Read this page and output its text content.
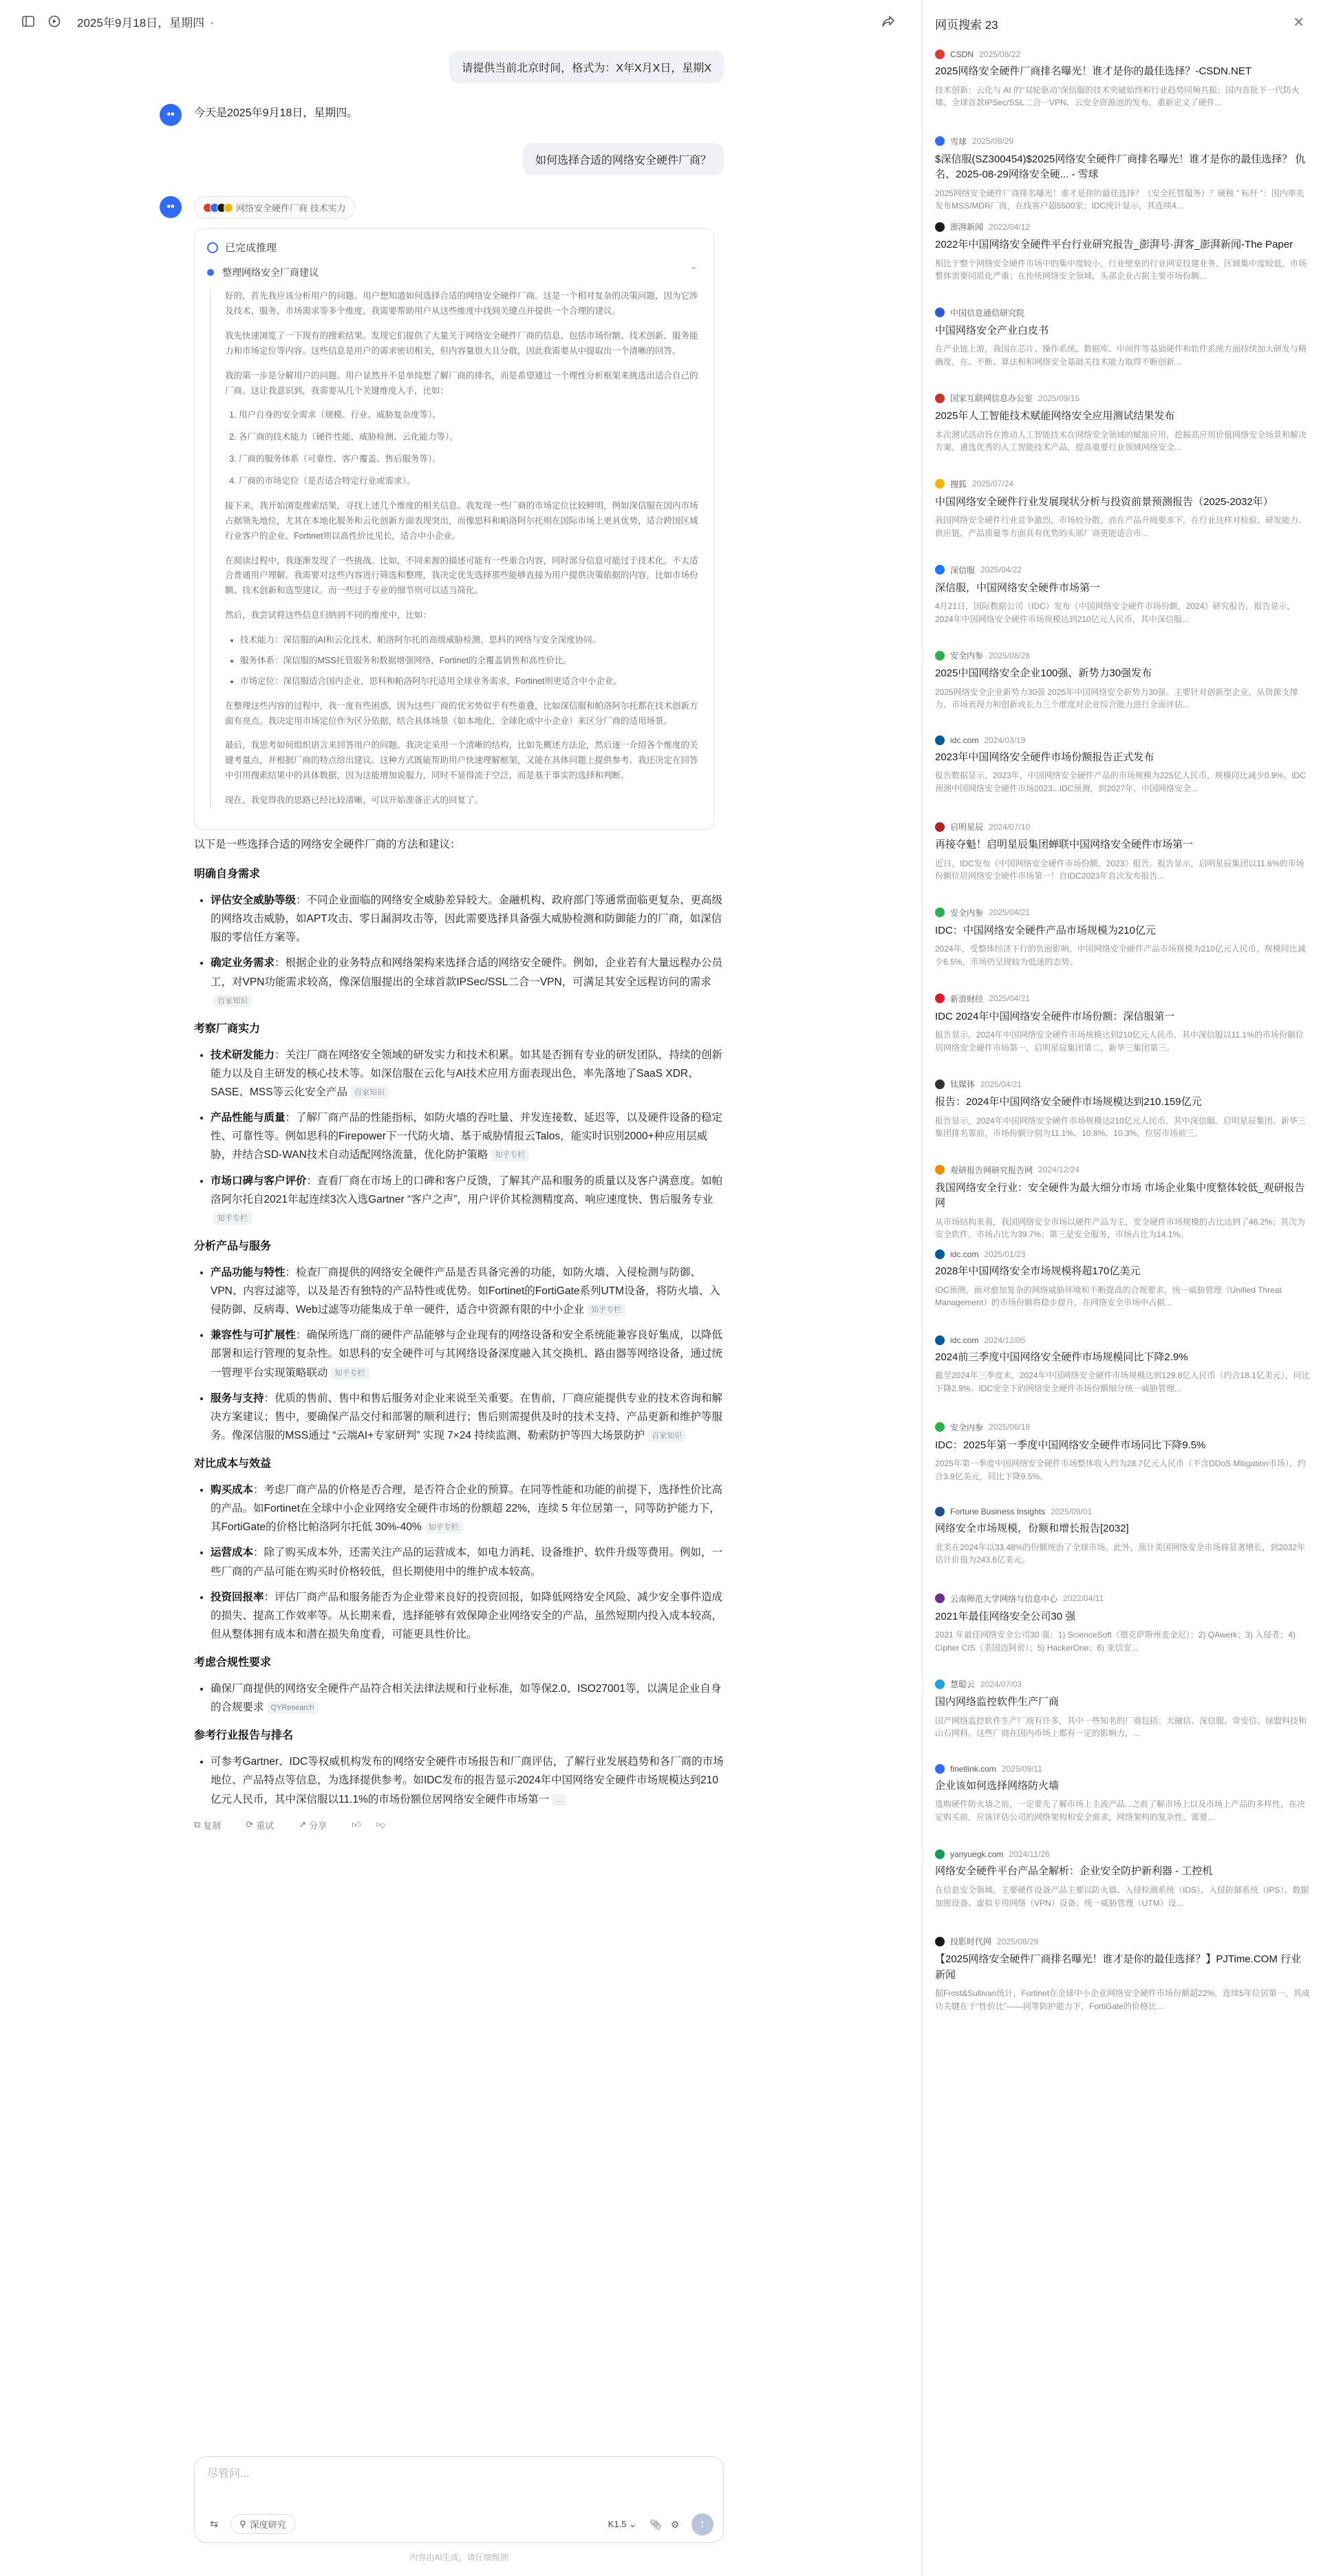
2025年9月18日，星期四 ⌄
请提供当前北京时间，格式为：X年X月X日，星期X
•• 今天是2025年9月18日，星期四。
如何选择合适的网络安全硬件厂商？
••	网络安全硬件厂商 技术实力
已完成推理
整理网络安全厂商建议	⌃

好的，首先我应该分析用户的问题。用户想知道如何选择合适的网络安全硬件厂商。这是一个相对复杂的决策问题，因为它涉及技术、服务、市场需求等多个维度。我需要帮助用户从这些维度中找到关键点并提供一个合理的建议。

我先快速浏览了一下现有的搜索结果。发现它们提供了大量关于网络安全硬件厂商的信息，包括市场份额、技术创新、服务能力和市场定位等内容。这些信息是用户的需求密切相关，但内容量很大且分散，因此我需要从中提取出一个清晰的回答。

我的第一步是分解用户的问题。用户显然并不是单纯想了解厂商的排名，而是希望通过一个理性分析框架来挑选出适合自己的厂商。这让我意识到，我需要从几个关键维度入手，比如：

1. 用户自身的安全需求（规模、行业、威胁复杂度等）。
2. 各厂商的技术能力（硬件性能、威胁检测、云化能力等）。
3. 厂商的服务体系（可靠性、客户覆盖、售后服务等）。
4. 厂商的市场定位（是否适合特定行业或需求）。

接下来，我开始浏览搜索结果，寻找上述几个维度的相关信息。我发现一些厂商的市场定位比较鲜明，例如深信服在国内市场占据领先地位，尤其在本地化服务和云化创新方面表现突出，而像思科和帕洛阿尔托则在国际市场上更具优势，适合跨国区域行业客户的企业。Fortinet则以高性价比见长，适合中小企业。

在阅读过程中，我逐渐发现了一些挑战。比如，不同来源的描述可能有一些重合内容，同时部分信息可能过于技术化。不太适合普通用户理解。我需要对这些内容进行筛选和整理，我决定优先选择那些能够直接为用户提供决策依据的内容，比如市场份额、技术创新和选型建议。而一些过于专业的细节则可以适当简化。

然后，我尝试将这些信息归纳到不同的维度中，比如：

• 技术能力：深信服的AI和云化技术，帕洛阿尔托的高级威胁检测，思科的网络与安全深度协同。
• 服务体系：深信服的MSS托管服务和数据增强网络，Fortinet的全覆盖销售和高性价比。
• 市场定位：深信服适合国内企业，思科和帕洛阿尔托适用全球业务需求，Fortinet则更适合中小企业。

在整理这些内容的过程中，我一度有些困惑，因为这些厂商的优劣势似乎有些重叠，比如深信服和帕洛阿尔托都在技术创新方面有亮点。我决定用市场定位作为区分依据，结合具体场景（如本地化、全球化或中小企业）来区分厂商的适用场景。

最后，我思考如何组织语言来回答用户的问题。我决定采用一个清晰的结构，比如先概述方法论，然后逐一介绍各个维度的关键考量点，并根据厂商的特点给出建议。这种方式既能帮助用户快速理解框架，又能在具体问题上提供参考。我还决定在回答中引用搜索结果中的具体数据，因为这能增加说服力，同时不显得流于空泛，而是基于事实的选择和判断。

现在，我觉得我的思路已经比较清晰，可以开始准备正式的回复了。

以下是一些选择合适的网络安全硬件厂商的方法和建议：

明确自身需求
• 评估安全威胁等级：不同企业面临的网络安全威胁差异较大。金融机构、政府部门等通常面临更复杂、更高级的网络攻击威胁，如APT攻击、零日漏洞攻击等，因此需要选择具备强大威胁检测和防御能力的厂商，如深信服的零信任方案等。
• 确定业务需求：根据企业的业务特点和网络架构来选择合适的网络安全硬件。例如，企业若有大量远程办公员工，对VPN功能需求较高，像深信服提出的全球首款IPSec/SSL二合一VPN，可满足其安全远程访问的需求百家知识
考察厂商实力
• 技术研发能力：关注厂商在网络安全领域的研发实力和技术积累。如其是否拥有专业的研发团队，持续的创新能力以及自主研发的核心技术等。如深信服在云化与AI技术应用方面表现出色，率先落地了SaaS XDR、SASE、MSS等云化安全产品 百家知识
• 产品性能与质量：了解厂商产品的性能指标，如防火墙的吞吐量、并发连接数、延迟等，以及硬件设备的稳定性、可靠性等。例如思科的Firepower下一代防火墙、基于威胁情报云Talos，能实时识别2000+种应用层威胁，并结合SD-WAN技术自动适配网络流量，优化防护策略 知乎专栏
• 市场口碑与客户评价：查看厂商在市场上的口碑和客户反馈，了解其产品和服务的质量以及客户满意度。如帕洛阿尔托自2021年起连续3次入选Gartner “客户之声”，用户评价其检测精度高、响应速度快、售后服务专业知乎专栏
分析产品与服务
• 产品功能与特性：检查厂商提供的网络安全硬件产品是否具备完善的功能，如防火墙、入侵检测与防御、VPN、内容过滤等，以及是否有独特的产品特性或优势。如Fortinet的FortiGate系列UTM设备，将防火墙、入侵防御、反病毒、Web过滤等功能集成于单一硬件，适合中资源有限的中小企业 知乎专栏
• 兼容性与可扩展性：确保所选厂商的硬件产品能够与企业现有的网络设备和安全系统能兼容良好集成，以降低部署和运行管理的复杂性。如思科的安全硬件可与其网络设备深度融入其交换机、路由器等网络设备，通过统一管理平台实现策略联动 知乎专栏
• 服务与支持：优质的售前、售中和售后服务对企业来说至关重要。在售前，厂商应能提供专业的技术咨询和解决方案建议；售中，要确保产品交付和部署的顺利进行；售后则需提供及时的技术支持、产品更新和维护等服务。像深信服的MSS通过 “云端AI+专家研判” 实现 7×24 持续监测、勒索防护等四大场景防护 百家知识
对比成本与效益
• 购买成本：考虑厂商产品的价格是否合理，是否符合企业的预算。在同等性能和功能的前提下，选择性价比高的产品。如Fortinet在全球中小企业网络安全硬件市场的份额超 22%，连续 5 年位居第一，同等防护能力下，其FortiGate的价格比帕洛阿尔托低 30%-40% 知乎专栏
• 运营成本：除了购买成本外，还需关注产品的运营成本，如电力消耗、设备维护、软件升级等费用。例如，一些厂商的产品可能在购买时价格较低，但长期使用中的维护成本较高。
• 投资回报率：评估厂商产品和服务能否为企业带来良好的投资回报，如降低网络安全风险、减少安全事件造成的损失、提高工作效率等。从长期来看，选择能够有效保障企业网络安全的产品，虽然短期内投入成本较高，但从整体拥有成本和潜在损失角度看，可能更具性价比。
考虑合规性要求
• 确保厂商提供的网络安全硬件产品符合相关法律法规和行业标准，如等保2.0、ISO27001等，以满足企业自身的合规要求 QYResearch
参考行业报告与排名
• 可参考Gartner、IDC等权威机构发布的网络安全硬件市场报告和厂商评估，了解行业发展趋势和各厂商的市场地位、产品特点等信息，为选择提供参考。如IDC发布的报告显示2024年中国网络安全硬件市场规模达到210亿元人民币，其中深信服以11.1%的市场份额位居网络安全硬件市场第一 ...
⧉ 复制	⟳ 重试	↗ 分享	👍︎ 👎︎
尽管问...
⇆	⚲ 深度研究	K1.5 ⌄	📎︎ ⚙	↑
内容由AI生成，请仔细甄别
网页搜索 23	✕
CSDN 2025/08/22
2025网络安全硬件厂商排名曝光！谁才是你的最佳选择？-CSDN.NET
技术创新：云化与 AI 的“双轮驱动”深信服的技术突破始终和行业趋势同频共振：国内首批下一代防火墙、全球首款IPSec/SSL二合一VPN、云安全资源池的发布，重新定义了硬件...
雪球 2025/08/29
$深信服(SZ300454)$2025网络安全硬件厂商排名曝光！谁才是你的最佳选择？ 仇名、2025-08-29网络安全硬... - 雪球
2025网络安全硬件厂商排名曝光！谁才是你的最佳选择？（安全托管服务）？硬核 “ 标杆 ”：国内率先发布MSS/MDR厂商，在线客户超5500家；IDC统计显示，其连续4...
澎湃新闻 2022/04/12
2022年中国网络安全硬件平台行业研究报告_澎湃号·湃客_澎湃新闻-The Paper
相比于整个网络安全硬件市场中的集中度较小，行业壁垒的行业网安投建业务，区域集中度较低，市场整体需要同质化严重；在传统网络安全领域，头部企业占据主要市场份额...
中国信息通信研究院
中国网络安全产业白皮书
在产业链上游，我国在芯片、操作系统、数据库、中间件等基础硬件和软件系统方面持续加大研发与精确度，在、不断、算法和和网络安全基础关技术能力取得不断创新...
国家互联网信息办公室 2025/09/15
2025年人工智能技术赋能网络安全应用测试结果发布
本次测试活动旨在推动人工智能技术在网络安全领域的赋能应用，挖掘高应用价值网络安全场景和解决方案，遴选优秀的人工智能技术产品，提高重要行业领域网络安全...
搜狐 2025/07/24
中国网络安全硬件行业发展现状分析与投资前景预测报告（2025-2032年）
我国网络安全硬件行业竞争激烈，市场较分散，而在产品升级要求下，在行业这样对检验、研发能力、供应链、产品质量等方面具有优势的头部厂商更能适合市...
深信服 2025/04/22
深信服，中国网络安全硬件市场第一
4月21日，国际数据公司（IDC）发布《中国网络安全硬件市场份额，2024》研究报告。报告显示，2024年中国网络安全硬件市场规模达到210亿元人民币，其中深信服...
安全内参 2025/08/28
2025中国网络安全企业100强、新势力30强发布
2025网络安全企业新势力30强 2025年中国网络安全新势力30强。主要针对创新型企业，从资源支撑力、市场表现力和创新成长力三个维度对企业综合能力进行全面评估...
idc.com 2024/03/19
2023年中国网络安全硬件市场份额报告正式发布
报告数据显示，2023年，中国网络安全硬件产品的市场规模为225亿人民币，规模同比减少0.9%。IDC预测中国网络安全硬件市场2023...IDC预测，到2027年，中国网络安全...
启明星辰 2024/07/10
再接夺魁！启明星辰集团蝉联中国网络安全硬件市场第一
近日，IDC发布《中国网络安全硬件市场份额，2023》报告。报告显示，启明星辰集团以11.6%的市场份额位居网络安全硬件市场第一！自IDC2023年首次发布报告...
安全内参 2025/04/21
IDC：中国网络安全硬件产品市场规模为210亿元
2024年，受整体经济下行的负面影响，中国网络安全硬件产品市场规模为210亿元人民币，规模同比减少6.5%，市场仍呈现较为低迷的态势。
新浪财经 2025/04/21
IDC 2024年中国网络安全硬件市场份额：深信服第一
报告显示，2024年中国网络安全硬件市场规模达到210亿元人民币，其中深信服以11.1%的市场份额位居网络安全硬件市场第一，启明星辰集团第二，新华三集团第三。
钛媒体 2025/04/21
报告：2024年中国网络安全硬件市场规模达到210.159亿元
报告显示，2024年中国网络安全硬件市场规模达210亿元人民币，其中深信服、启明星辰集团、新华三集团排名靠前，市场份额分别为11.1%、10.8%、10.3%，位居市场前三。
观研报告网研究报告网 2024/12/24
我国网络安全行业：安全硬件为最大细分市场 市场企业集中度整体较低_观研报告网
从市场结构来看，我国网络安全市场以硬件产品为主，安全硬件市场规模的占比达到了46.2%；其次为安全软件，市场占比为39.7%；第三是安全服务，市场占比为14.1%。
idc.com 2025/01/23
2028年中国网络安全市场规模将超170亿美元
IDC预测，面对愈加复杂的网络威胁环境和不断提高的合规要求，统一威胁管理（Unified Threat Management）的市场份额将稳步提升，在网络安全市场中占据...
idc.com 2024/12/05
2024前三季度中国网络安全硬件市场规模同比下降2.9%
截至2024年三季度末，2024年中国网络安全硬件市场规模达到129.8亿人民币（约合18.1亿美元），同比下降2.9%。IDC安全下的网络安全硬件市场份额细分统一威胁管理...
安全内参 2025/06/18
IDC：2025年第一季度中国网络安全硬件市场同比下降9.5%
2025年第一季度中国网络安全硬件市场整体收入约为28.7亿元人民币（不含DDoS Mitigation市场），约合3.9亿美元，同比下降9.5%。
Fortune Business Insights 2025/09/01
网络安全市场规模，份额和增长报告[2032]
北美在2024年以33.48%的份额统治了全球市场。此外，预计美国网络安全市场将显著增长，到2032年估计价值为243.6亿美元。
云南师范大学网络与信息中心 2022/04/11
2021年最佳网络安全公司30 强
2021 年最佳网络安全公司30 强：1) ScienceSoft（德克萨斯州麦金尼）；2) QAwerk；3) 入侵者；4) Cipher CIS（美国迈阿密）；5) HackerOne；6) 亚信安...
慧聪云 2024/07/03
国内网络监控软件生产厂商
国产网络监控软件生产厂商有许多，其中一些知名的厂商包括：天融信、深信服、奇安信、绿盟科技和山石网科。这些厂商在国内市场上都有一定的影响力，...
finetlink.com 2025/09/11
企业该如何选择网络防火墙
选购硬件防火墙之前，一定要先了解市场上主流产品...之前了解市场上以及市场上产品的多样性，在决定购买前，应该评估公司的网络架构和安全需求，网络架构的复杂性、需要...
yanyuegk.com 2024/11/26
网络安全硬件平台产品全解析：企业安全防护新利器 - 工控机
在信息安全领域，主要硬件设备产品主要以防火墙、入侵检测系统（IDS）、入侵防御系统（IPS）、数据加密设备、虚拟专用网络（VPN）设备、统一威胁管理（UTM）设...
投影时代网 2025/08/29
【2025网络安全硬件厂商排名曝光！谁才是你的最佳选择？】PJTime.COM 行业新闻
据Frost&Sullivan统计，Fortinet在全球中小企业网络安全硬件市场份额超22%，连续5年位居第一，其成功关键在于“性价比”——同等防护能力下，FortiGate的价格比...
